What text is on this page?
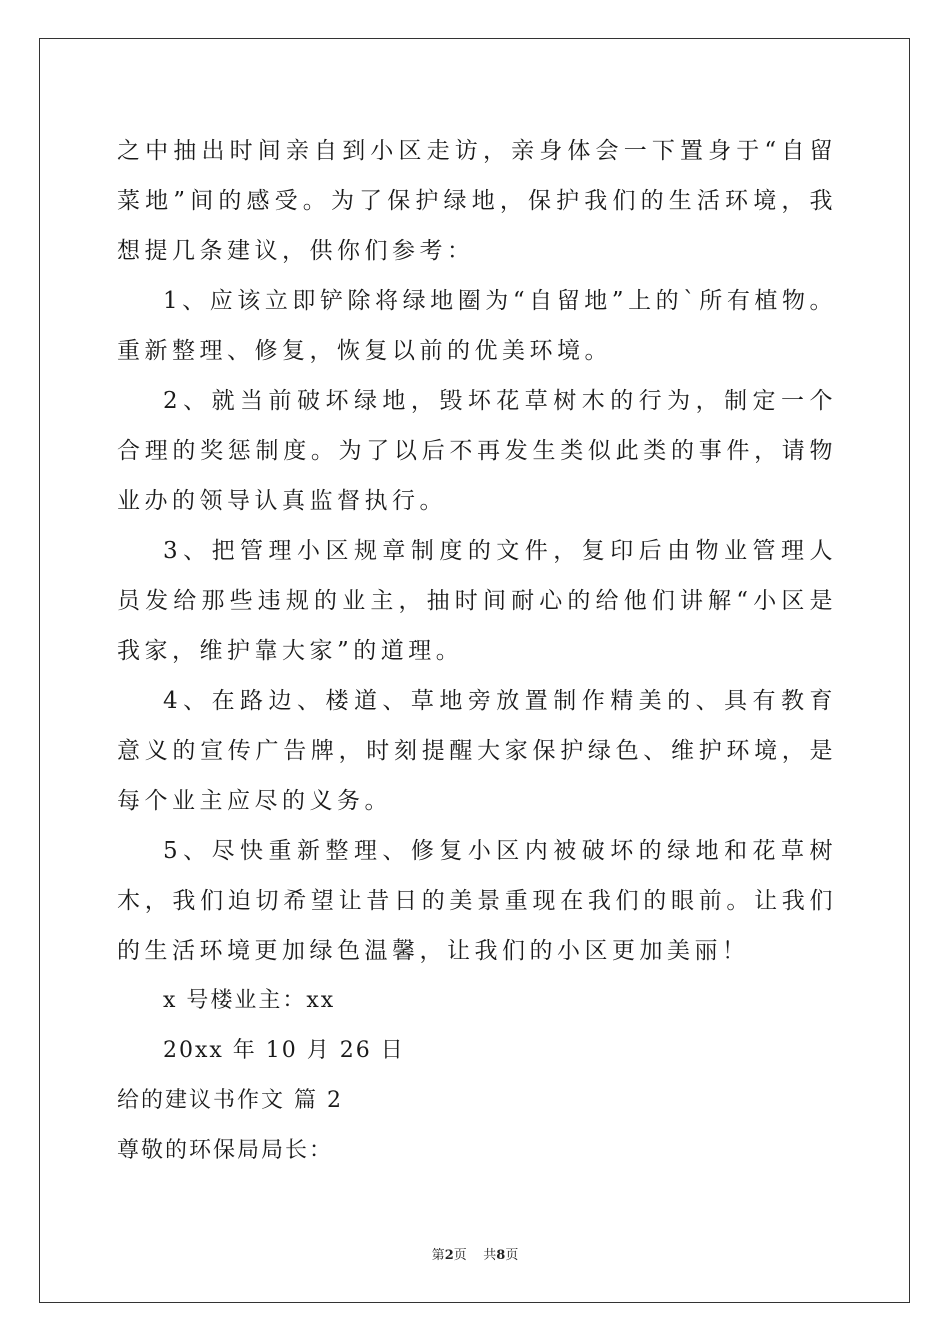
之中抽出时间亲自到小区走访，亲身体会一下置身于“自留菜地”间的感受。为了保护绿地，保护我们的生活环境，我想提几条建议，供你们参考：

1、应该立即铲除将绿地圈为“自留地”上的`所有植物。重新整理、修复，恢复以前的优美环境。

2、就当前破坏绿地，毁坏花草树木的行为，制定一个合理的奖惩制度。为了以后不再发生类似此类的事件，请物业办的领导认真监督执行。

3、把管理小区规章制度的文件，复印后由物业管理人员发给那些违规的业主，抽时间耐心的给他们讲解“小区是我家，维护靠大家”的道理。

4、在路边、楼道、草地旁放置制作精美的、具有教育意义的宣传广告牌，时刻提醒大家保护绿色、维护环境，是每个业主应尽的义务。

5、尽快重新整理、修复小区内被破坏的绿地和花草树木，我们迫切希望让昔日的美景重现在我们的眼前。让我们的生活环境更加绿色温馨，让我们的小区更加美丽！

x 号楼业主：xx

20xx 年 10 月 26 日

给的建议书作文 篇 2

尊敬的环保局局长：

第2页    共8页
